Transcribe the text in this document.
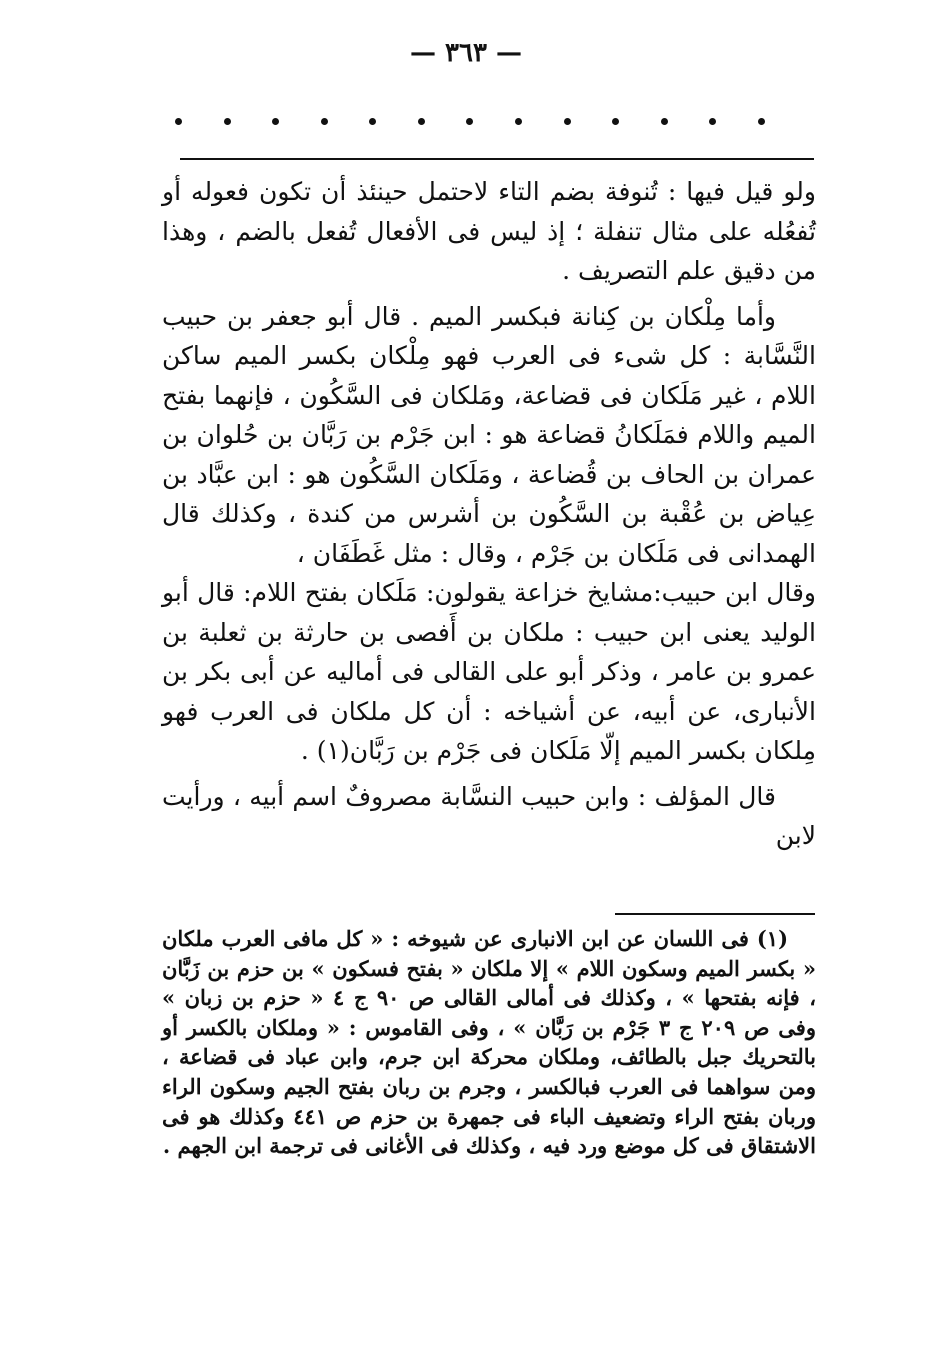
— ٣٦٣ —

ولو قيل فيها : تُنوفة بضم التاء لاحتمل حينئذ أن تكون فعوله أو تُفعُله على مثال تنفلة ؛ إذ ليس فى الأفعال تُفعل بالضم ، وهذا من دقيق علم التصريف .

وأما مِلْكان بن كِنانة فبكسر الميم . قال أبو جعفر بن حبيب النَّسَّابة : كل شىء فى العرب فهو مِلْكان بكسر الميم ساكن اللام ، غير مَلَكان فى قضاعة، ومَلكان فى السَّكُون ، فإنهما بفتح الميم واللام فمَلَكانُ قضاعة هو : ابن جَرْم بن رَبَّان بن حُلوان بن عمران بن الحاف بن قُضاعة ، ومَلَكان السَّكُون هو : ابن عبَّاد بن عِياض بن عُقْبة بن السَّكُون بن أشرس من كندة ، وكذلك قال الهمدانى فى مَلَكان بن جَرْم ، وقال : مثل غَطَفَان ،

وقال ابن حبيب:مشايخ خزاعة يقولون: مَلَكان بفتح اللام: قال أبو الوليد يعنى ابن حبيب : ملكان بن أَفصى بن حارثة بن ثعلبة بن عمرو بن عامر ، وذكر أبو على القالى فى أماليه عن أبى بكر بن الأنبارى، عن أبيه، عن أشياخه : أن كل ملكان فى العرب فهو مِلكان بكسر الميم إلّا مَلَكان فى جَرْم بن رَبَّان(١) .

قال المؤلف : وابن حبيب النسَّابة مصروفٌ اسم أبيه ، ورأيت لابن

(١) فى اللسان عن ابن الانبارى عن شيوخه : « كل مافى العرب ملكان « بكسر الميم وسكون اللام » إلا ملكان « بفتح فسكون » بن حزم بن زَبَّان ، فإنه بفتحها » ، وكذلك فى أمالى القالى ص ٩٠ ج ٤ « حزم بن زبان » وفى ص ٢٠٩ ج ٣ جَرْم بن رَبَّان » ، وفى القاموس : « وملكان بالكسر أو بالتحريك جبل بالطائف، وملكان محركة ابن جرم، وابن عباد فى قضاعة ، ومن سواهما فى العرب فبالكسر ، وجرم بن ربان بفتح الجيم وسكون الراء وربان بفتح الراء وتضعيف الباء فى جمهرة بن حزم ص ٤٤١ وكذلك هو فى الاشتقاق فى كل موضع ورد فيه ، وكذلك فى الأغانى فى ترجمة ابن الجهم .
